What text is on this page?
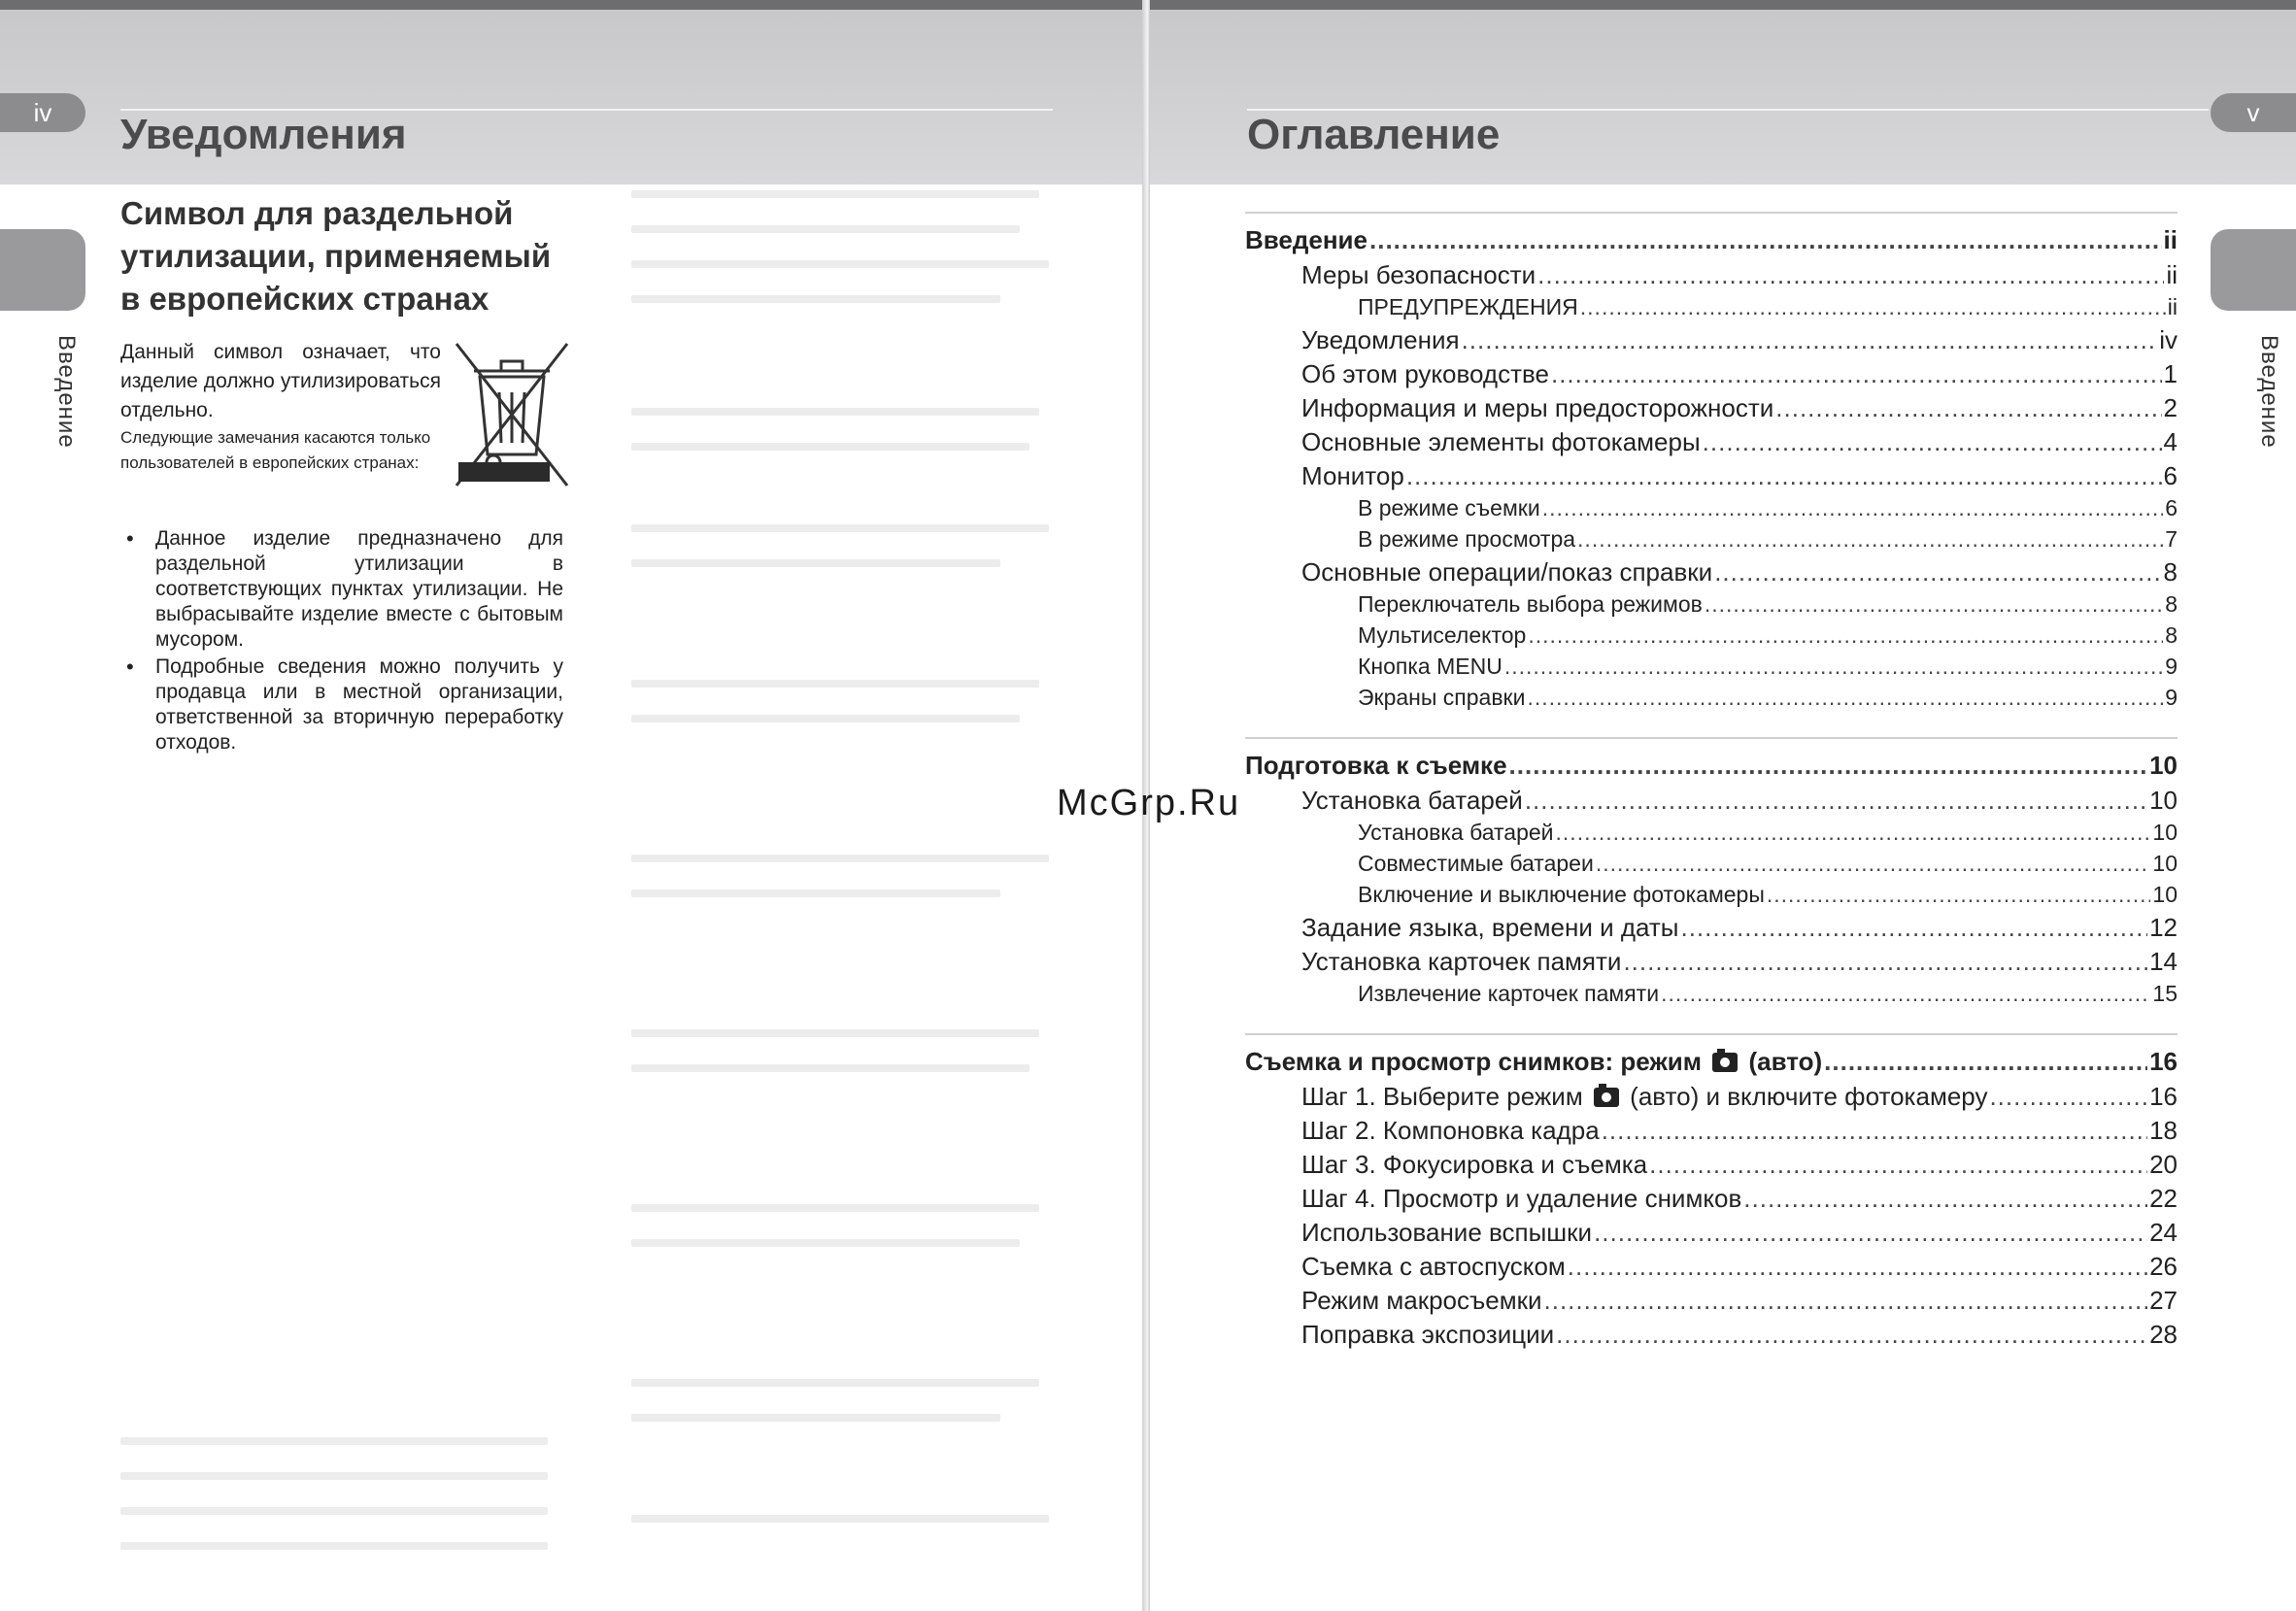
iv	Уведомления
Введение
Символ для раздельной утилизации, применяемый в европейских странах
Данный символ означает, что изделие должно утилизироваться отдельно.
Следующие замечания касаются только пользователей в европейских странах:
• Данное изделие предназначено для раздельной утилизации в соответствующих пунктах утилизации. Не выбрасывайте изделие вместе с бытовым мусором.
• Подробные сведения можно получить у продавца или в местной организации, ответственной за вторичную переработку отходов.
v
Оглавление
Введение
Введение .....	ii
Меры безопасности .....	ii
ПРЕДУПРЕЖДЕНИЯ .....	ii
Уведомления .....	iv
Об этом руководстве .....	1
Информация и меры предосторожности .....	2
Основные элементы фотокамеры .....	4
Монитор .....	6
В режиме съемки .....	6
В режиме просмотра .....	7
Основные операции/показ справки .....	8
Переключатель выбора режимов .....	8
Мультиселектор .....	8
Кнопка MENU .....	9
Экраны справки .....	9
Подготовка к съемке .....	10
Установка батарей .....	10
Установка батарей .....	10
Совместимые батареи .....	10
Включение и выключение фотокамеры .....	10
Задание языка, времени и даты .....	12
Установка карточек памяти .....	14
Извлечение карточек памяти .....	15
Съемка и просмотр снимков: режим (авто) .....	16
Шаг 1. Выберите режим (авто) и включите фотокамеру .....	16
Шаг 2. Компоновка кадра .....	18
Шаг 3. Фокусировка и съемка .....	20
Шаг 4. Просмотр и удаление снимков .....	22
Использование вспышки .....	24
Съемка с автоспуском .....	26
Режим макросъемки .....	27
Поправка экспозиции .....	28
McGrp.Ru
